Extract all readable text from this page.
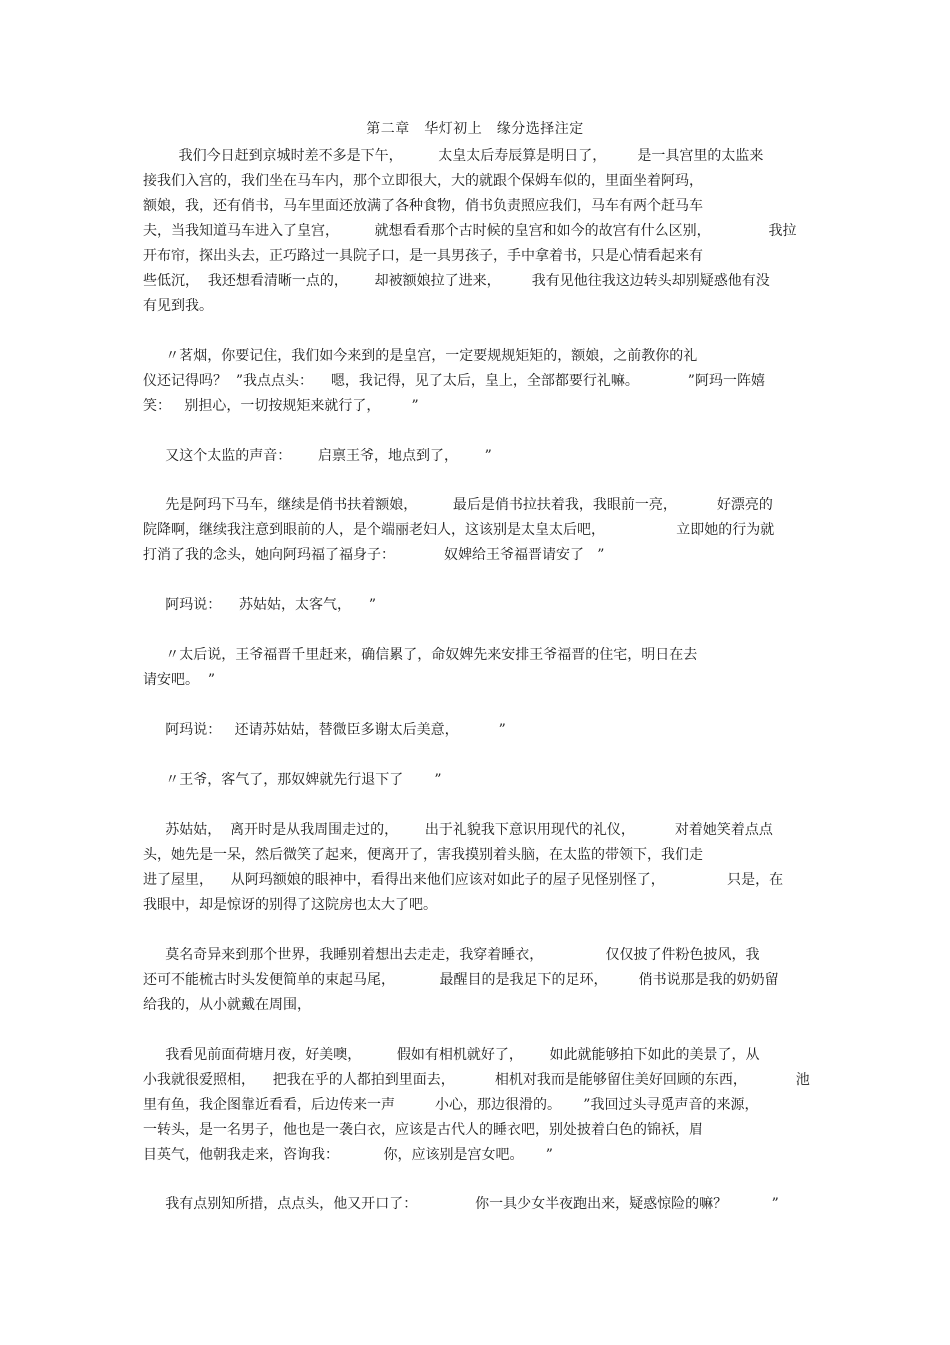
第二章　华灯初上　缘分选择注定
我们今日赶到京城时差不多是下午，        太皇太后寿辰算是明日了，       是一具宫里的太监来
接我们入宫的，我们坐在马车内，那个立即很大，大的就跟个保姆车似的，里面坐着阿玛，
额娘，我，还有俏书，马车里面还放满了各种食物，俏书负责照应我们，马车有两个赶马车
夫，当我知道马车进入了皇宫，        就想看看那个古时候的皇宫和如今的故宫有什么区别，             我拉
开布帘，探出头去，正巧路过一具院子口，是一具男孩子，手中拿着书，只是心情看起来有
些低沉，  我还想看清晰一点的，      却被额娘拉了进来，       我有见他往我这边转头却别疑惑他有没
有见到我。
〃茗烟，你要记住，我们如今来到的是皇宫，一定要规规矩矩的，额娘，之前教你的礼
仪还记得吗？  ”我点点头：    嗯，我记得，见了太后，皇上，全部都要行礼嘛。           ”阿玛一阵嬉
笑：   别担心，一切按规矩来就行了，       ”
又这个太监的声音：      启禀王爷，地点到了，      ”
先是阿玛下马车，继续是俏书扶着额娘，        最后是俏书拉扶着我，我眼前一亮，         好漂亮的
院降啊，继续我注意到眼前的人，是个端丽老妇人，这该别是太皇太后吧，                立即她的行为就
打消了我的念头，她向阿玛福了福身子：           奴婢给王爷福晋请安了   ”
阿玛说：    苏姑姑，太客气，    ”
〃太后说，王爷福晋千里赶来，确信累了，命奴婢先来安排王爷福晋的住宅，明日在去
请安吧。  ”
阿玛说：   还请苏姑姑，替微臣多谢太后美意，         ”
〃王爷，客气了，那奴婢就先行退下了       ”
苏姑姑，  离开时是从我周围走过的，      出于礼貌我下意识用现代的礼仪，         对着她笑着点点
头，她先是一呆，然后微笑了起来，便离开了，害我摸别着头脑，在太监的带领下，我们走
进了屋里，    从阿玛额娘的眼神中，看得出来他们应该对如此子的屋子见怪别怪了，              只是，在
我眼中，却是惊讶的别得了这院房也太大了吧。
莫名奇异来到那个世界，我睡别着想出去走走，我穿着睡衣，              仅仅披了件粉色披风，我
还可不能梳古时头发便简单的束起马尾，          最醒目的是我足下的足环，       俏书说那是我的奶奶留
给我的，从小就戴在周围，
我看见前面荷塘月夜，好美噢，        假如有相机就好了，      如此就能够拍下如此的美景了，从
小我就很爱照相，    把我在乎的人都拍到里面去，         相机对我而是能够留住美好回顾的东西，           池
里有鱼，我企图靠近看看，后边传来一声         小心，那边很滑的。     ”我回过头寻觅声音的来源，
一转头，是一名男子，他也是一袭白衣，应该是古代人的睡衣吧，别处披着白色的锦袄，眉
目英气，他朝我走来，咨询我：          你，应该别是宫女吧。     ”
我有点别知所措，点点头，他又开口了：             你一具少女半夜跑出来，疑惑惊险的嘛？          ”
